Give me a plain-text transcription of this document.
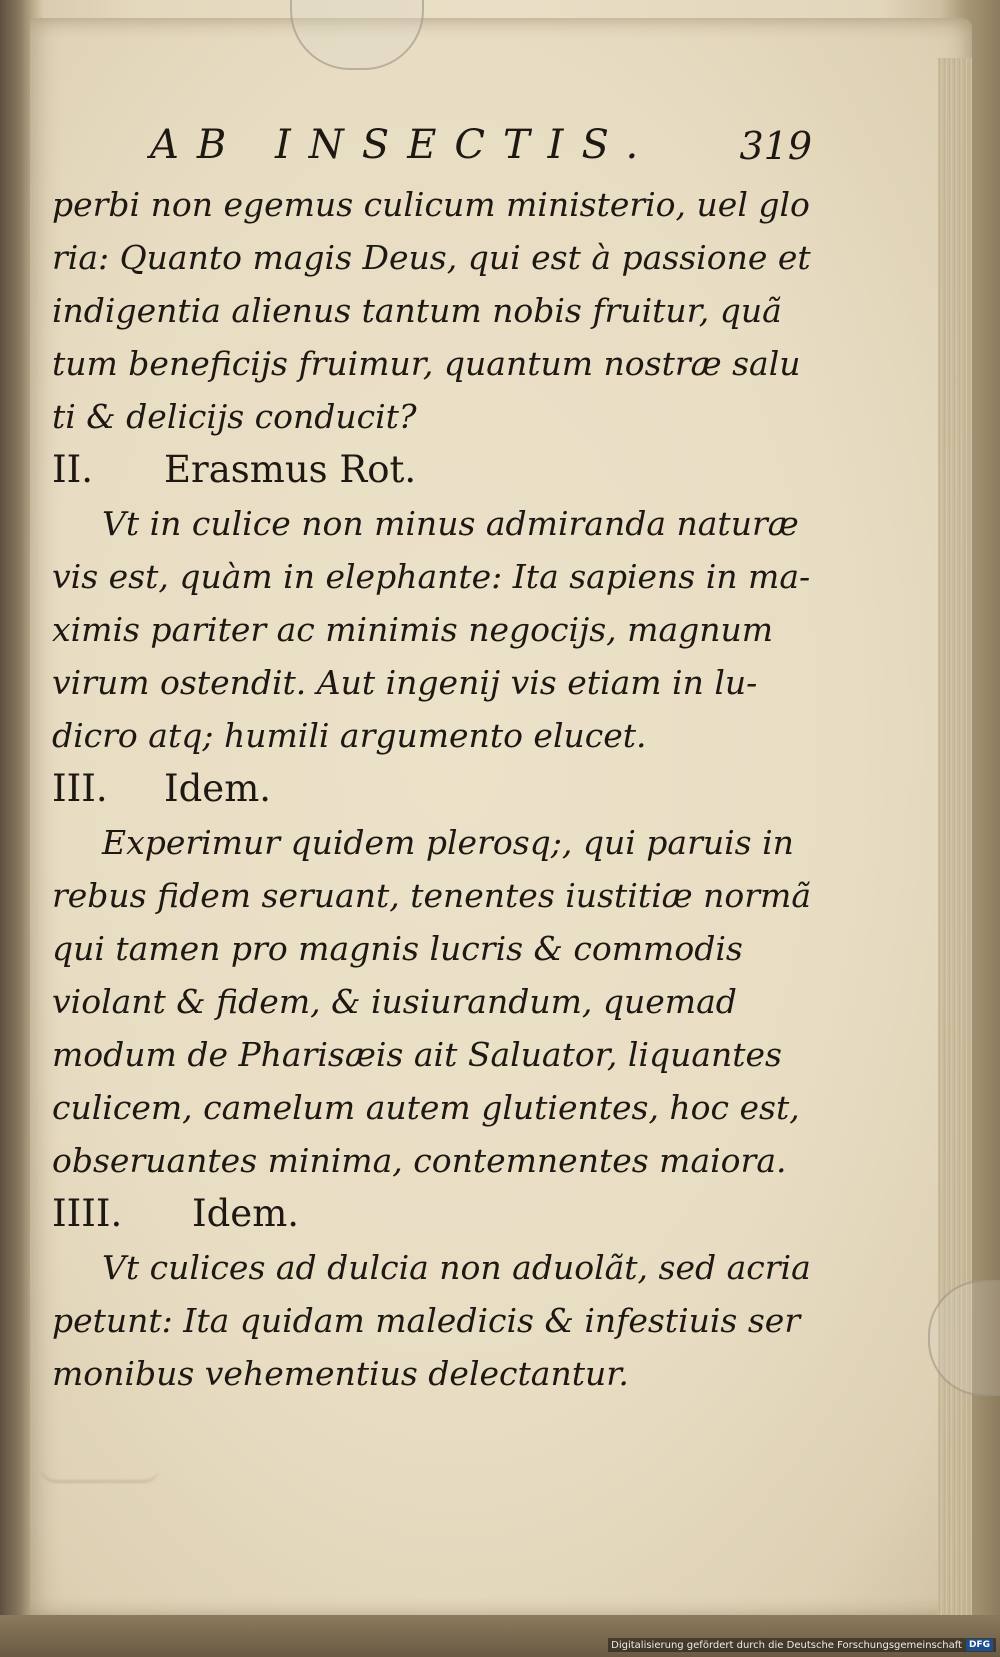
AB INSECTIS. 319
perbi non egemus culicum ministerio, uel glo
ria: Quanto magis Deus, qui est à passione et
indigentia alienus tantum nobis fruitur, quã
tum beneficijs fruimur, quantum nostræ salu
ti & delicijs conducit?
II. Erasmus Rot.
Vt in culice non minus admiranda naturæ
vis est, quàm in elephante: Ita sapiens in ma-
ximis pariter ac minimis negocijs, magnum
virum ostendit. Aut ingenij vis etiam in lu-
dicro atq; humili argumento elucet.
III. Idem.
Experimur quidem plerosq;, qui paruis in
rebus fidem seruant, tenentes iustitiæ normã
qui tamen pro magnis lucris & commodis
violant & fidem, & iusiurandum, quemad
modum de Pharisæis ait Saluator, liquantes
culicem, camelum autem glutientes, hoc est,
obseruantes minima, contemnentes maiora.
IIII. Idem.
Vt culices ad dulcia non aduolãt, sed acria
petunt: Ita quidam maledicis & infestiuis ser
monibus vehementius delectantur.
Digitalisierung gefördert durch die Deutsche Forschungsgemeinschaft DFG
